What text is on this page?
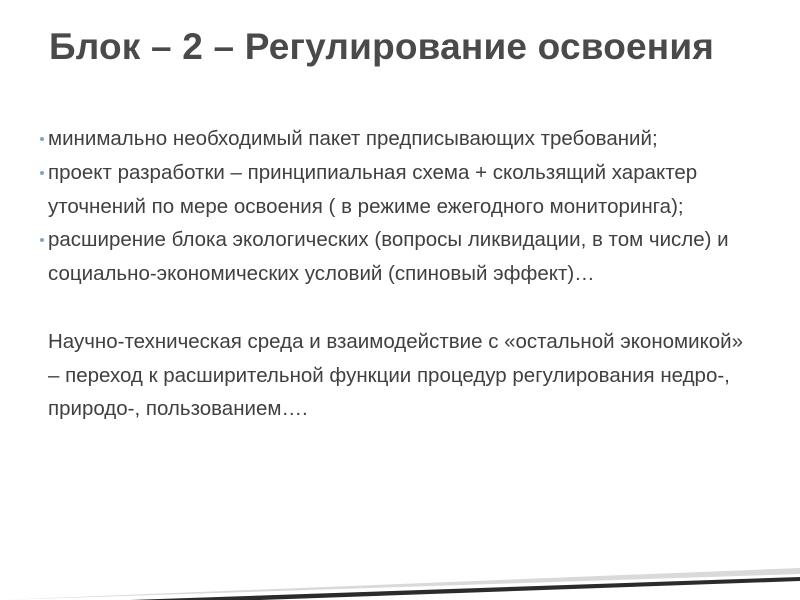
Блок – 2 – Регулирование освоения

минимально необходимый пакет предписывающих требований;

проект разработки – принципиальная схема + скользящий характер уточнений по мере освоения ( в режиме ежегодного мониторинга);

расширение блока экологических (вопросы ликвидации, в том числе) и социально-экономических условий (спиновый эффект)…

Научно-техническая среда и взаимодействие с «остальной экономикой» – переход к расширительной функции процедур регулирования недро-, природо-, пользованием….
